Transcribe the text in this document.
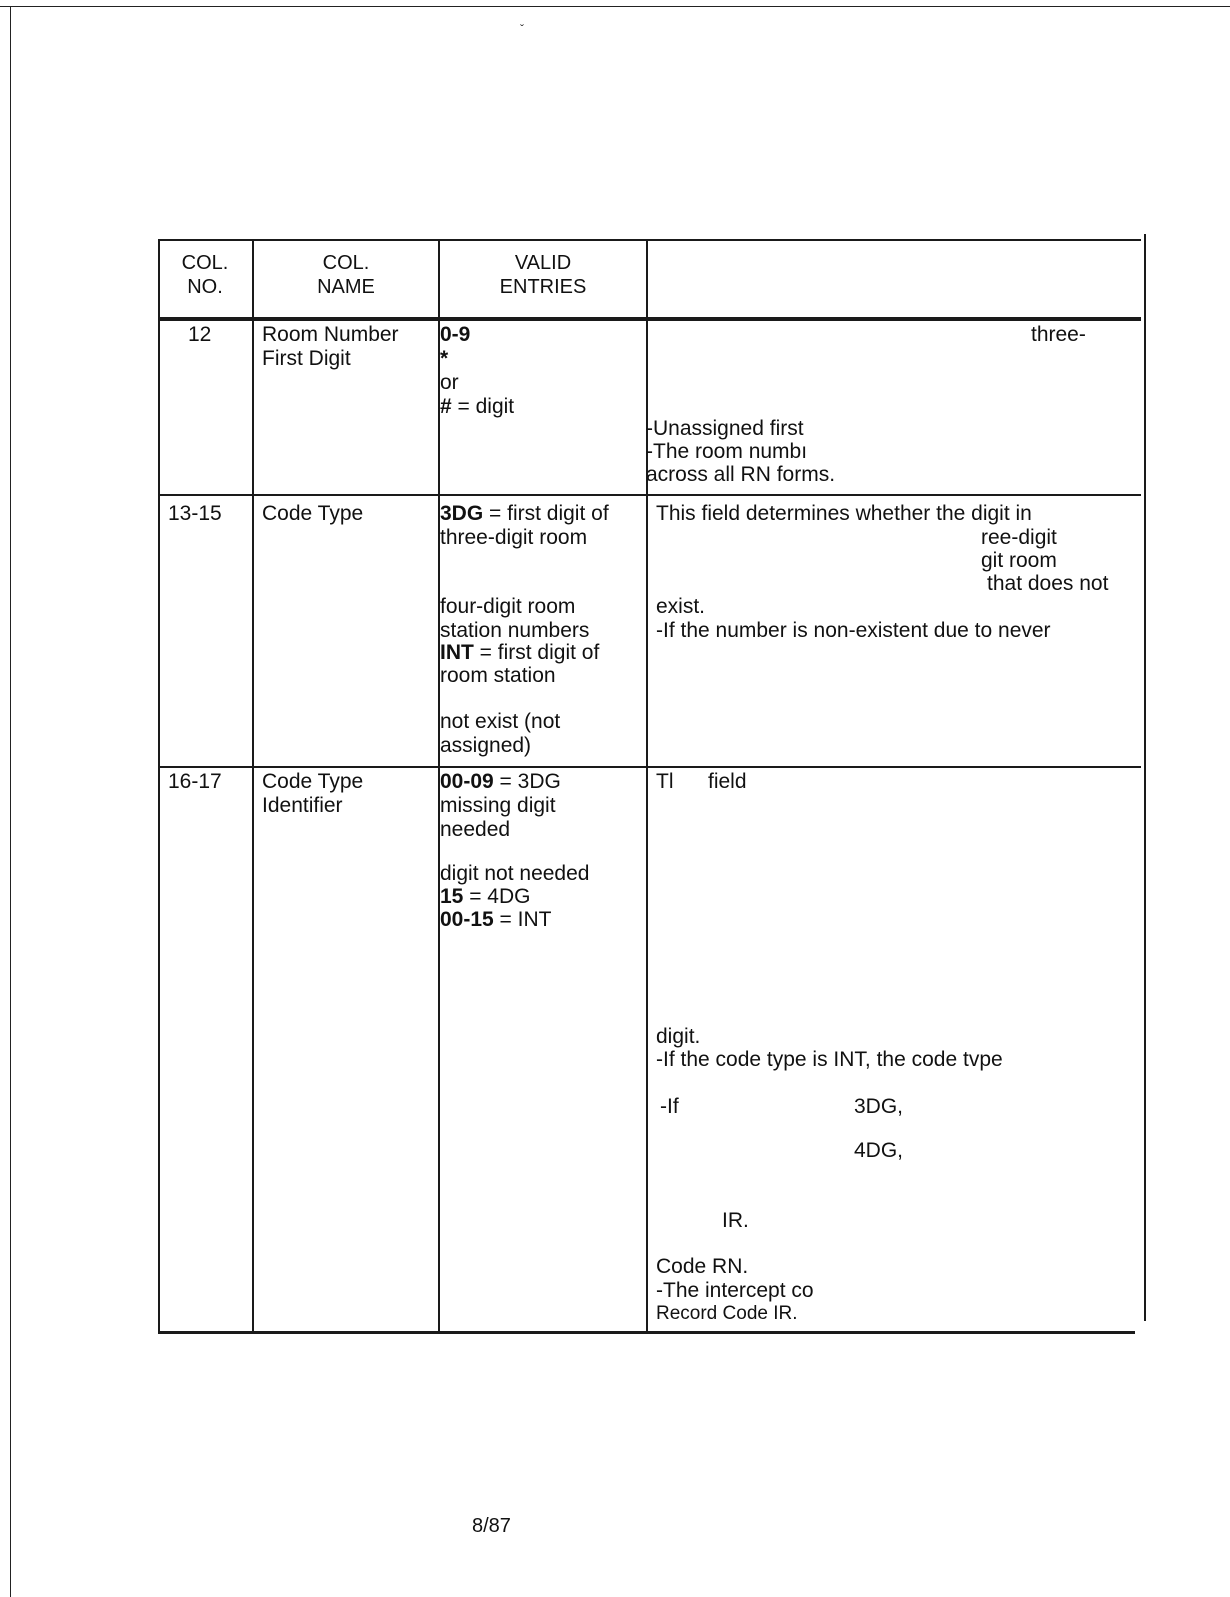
ˇ
COL.
NO.
COL.
NAME
VALID
ENTRIES
12 Room Number
First Digit
0-9
*
or
# = digit
three-
-Unassigned first
-The room numbı
across all RN forms.
13-15 Code Type	3DG = first digit of
three-digit room
four-digit room
station numbers
INT = first digit of
room station
not exist (not
assigned)
This field determines whether the digit in
ree-digit
git room
that does not
exist.
-If the number is non-existent due to never
16-17 Code Type
Identifier
00-09 = 3DG
missing digit
needed
digit not needed
15 = 4DG
00-15 = INT
Tl field
digit.
-If the code type is INT, the code tvpe
-If	3DG,
4DG,
IR.
Code RN.
-The intercept co
Record Code IR.
8/87
